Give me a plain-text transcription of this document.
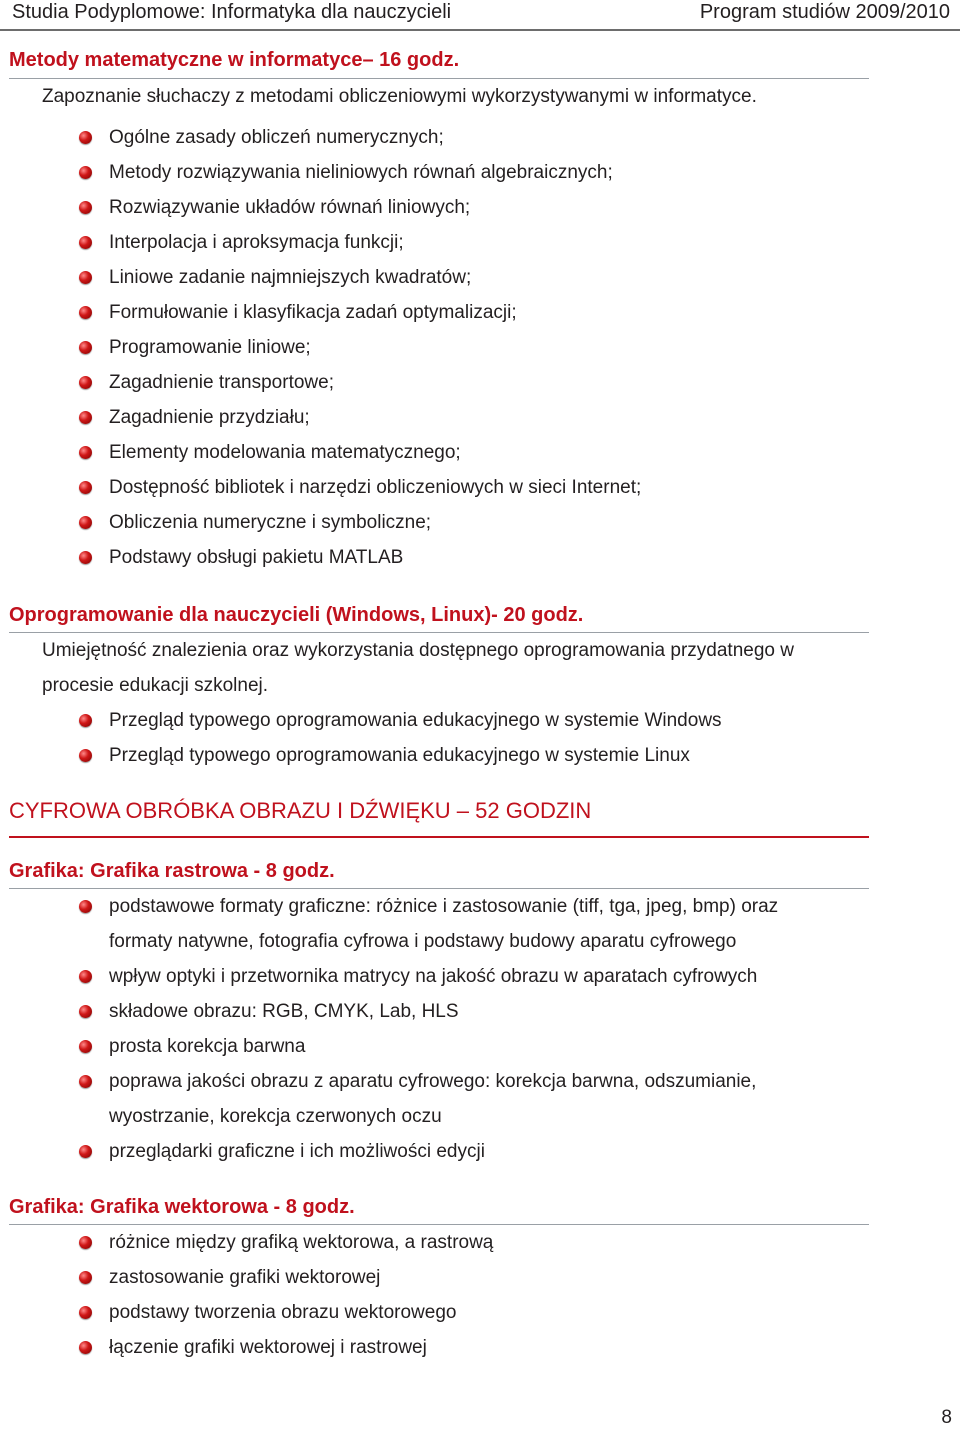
Studia Podyplomowe: Informatyka dla nauczycieli	Program studiów 2009/2010
Metody matematyczne w informatyce– 16 godz.
Zapoznanie słuchaczy z metodami obliczeniowymi wykorzystywanymi w informatyce.
Ogólne zasady obliczeń numerycznych;
Metody rozwiązywania nieliniowych równań algebraicznych;
Rozwiązywanie układów równań liniowych;
Interpolacja i aproksymacja funkcji;
Liniowe zadanie najmniejszych kwadratów;
Formułowanie i klasyfikacja zadań optymalizacji;
Programowanie liniowe;
Zagadnienie transportowe;
Zagadnienie przydziału;
Elementy modelowania matematycznego;
Dostępność bibliotek i narzędzi obliczeniowych w sieci Internet;
Obliczenia numeryczne i symboliczne;
Podstawy obsługi pakietu MATLAB
Oprogramowanie dla nauczycieli (Windows, Linux)- 20 godz.
Umiejętność znalezienia oraz wykorzystania dostępnego oprogramowania przydatnego w
procesie edukacji szkolnej.
Przegląd typowego oprogramowania edukacyjnego w systemie Windows
Przegląd typowego oprogramowania edukacyjnego w systemie Linux
CYFROWA OBRÓBKA OBRAZU I DŹWIĘKU – 52 GODZIN
Grafika: Grafika rastrowa - 8 godz.
podstawowe formaty graficzne: różnice i zastosowanie (tiff, tga, jpeg, bmp) oraz
formaty natywne, fotografia cyfrowa i podstawy budowy aparatu cyfrowego
wpływ optyki i przetwornika matrycy na jakość obrazu w aparatach cyfrowych
składowe obrazu: RGB, CMYK, Lab, HLS
prosta korekcja barwna
poprawa jakości obrazu z aparatu cyfrowego: korekcja barwna, odszumianie,
wyostrzanie, korekcja czerwonych oczu
przeglądarki graficzne i ich możliwości edycji
Grafika: Grafika wektorowa - 8 godz.
różnice między grafiką wektorowa, a rastrową
zastosowanie grafiki wektorowej
podstawy tworzenia obrazu wektorowego
łączenie grafiki wektorowej i rastrowej
8
